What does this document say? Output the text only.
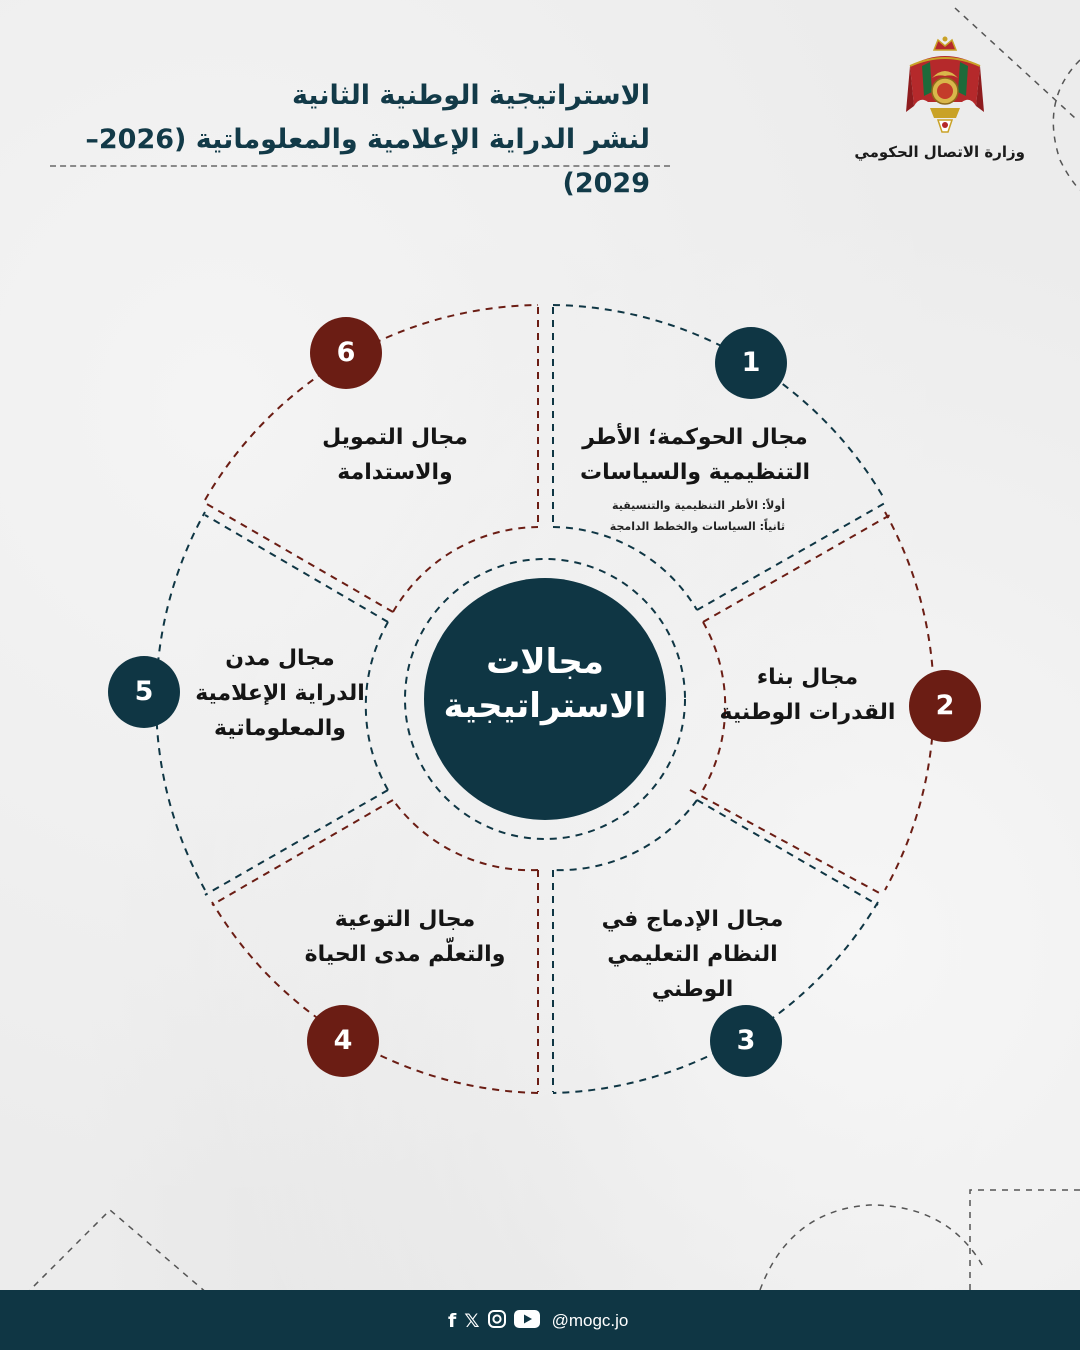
الاستراتيجية الوطنية الثانية
لنشر الدراية الإعلامية والمعلوماتية (2026–2029)
وزارة الاتصال الحكومي
مجالات
الاستراتيجية
1
2
3
4
5
6
مجال الحوكمة؛ الأطر
التنظيمية والسياسات
أولاً: الأطر التنظيمية والتنسيقية
ثانياً: السياسات والخطط الدامجة
مجال بناء
القدرات الوطنية
مجال الإدماج في
النظام التعليمي
الوطني
مجال التوعية
والتعلّم مدى الحياة
مجال مدن
الدراية الإعلامية
والمعلوماتية
مجال التمويل
والاستدامة
f 𝕏	@mogc.jo
